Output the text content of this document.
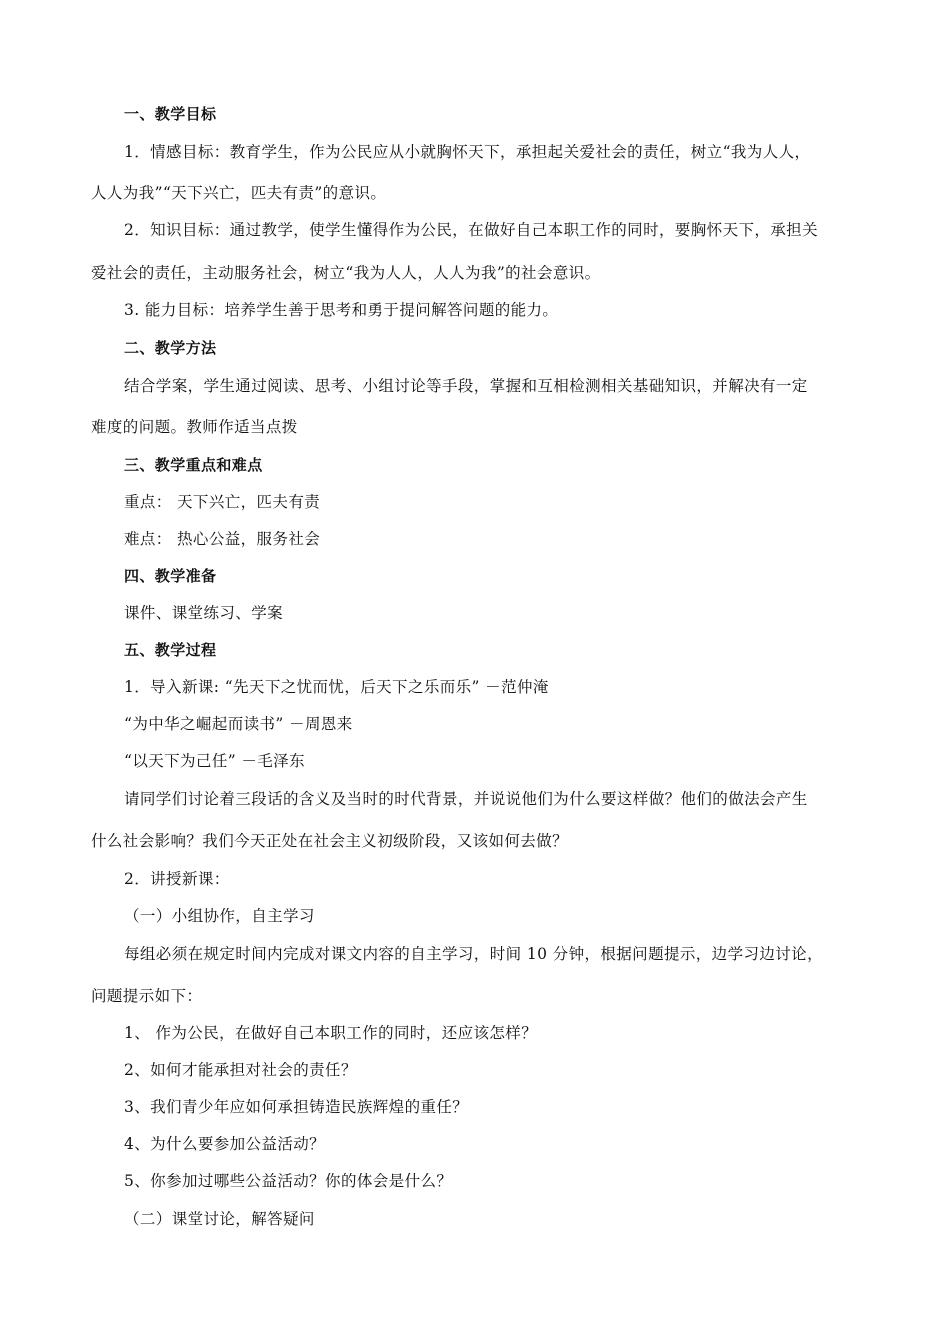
一、教学目标
1．情感目标：教育学生，作为公民应从小就胸怀天下，承担起关爱社会的责任，树立“我为人人，
人人为我”“天下兴亡，匹夫有责”的意识。
2．知识目标：通过教学，使学生懂得作为公民，在做好自己本职工作的同时，要胸怀天下，承担关
爱社会的责任，主动服务社会，树立“我为人人，人人为我”的社会意识。
3. 能力目标：培养学生善于思考和勇于提问解答问题的能力。
二、教学方法
结合学案，学生通过阅读、思考、小组讨论等手段，掌握和互相检测相关基础知识，并解决有一定
难度的问题。教师作适当点拨
三、教学重点和难点
重点： 天下兴亡，匹夫有责
难点： 热心公益，服务社会
四、教学准备
课件、课堂练习、学案
五、教学过程
1．导入新课: “先天下之忧而忧，后天下之乐而乐” －范仲淹
“为中华之崛起而读书” －周恩来
“以天下为己任” －毛泽东
请同学们讨论着三段话的含义及当时的时代背景，并说说他们为什么要这样做？他们的做法会产生
什么社会影响？我们今天正处在社会主义初级阶段，又该如何去做？
2．讲授新课：
（一）小组协作，自主学习
每组必须在规定时间内完成对课文内容的自主学习，时间 10 分钟，根据问题提示，边学习边讨论，
问题提示如下：
1、 作为公民，在做好自己本职工作的同时，还应该怎样？
2、如何才能承担对社会的责任？
3、我们青少年应如何承担铸造民族辉煌的重任？
4、为什么要参加公益活动？
5、你参加过哪些公益活动？你的体会是什么？
（二）课堂讨论，解答疑问
